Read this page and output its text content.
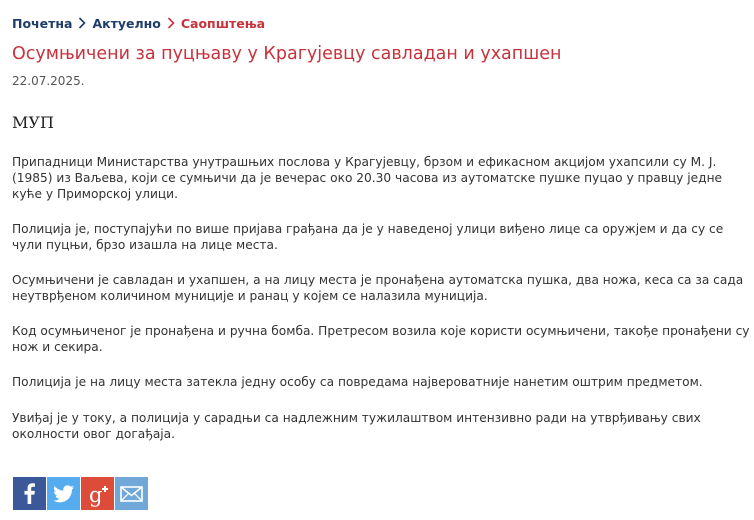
Почетна Актуелно Саопштења
Осумњичени за пуцњаву у Крагујевцу савладан и ухапшен
22.07.2025.
МУП

Припадници Министарства унутрашњих послова у Крагујевцу, брзом и ефикасном акцијом ухапсили су М. Ј. (1985) из Ваљева, који се сумњичи да је вечерас око 20.30 часова из аутоматске пушке пуцао у правцу једне куће у Приморској улици.

Полиција је, поступајући по више пријава грађана да је у наведеној улици виђено лице са оружјем и да су се чули пуцњи, брзо изашла на лице места.

Осумњичени је савладан и ухапшен, а на лицу места је пронађена аутоматска пушка, два ножа, кеса са за сада неутврђеном количином муниције и ранац у којем се налазила муниција.

Код осумњиченог је пронађена и ручна бомба. Претресом возила које користи осумњичени, такође пронађени су нож и секира.

Полиција је на лицу места затекла једну особу са повредама највероватније нанетим оштрим предметом.

Увиђај је у току, а полиција у сарадњи са надлежним тужилаштвом интензивно ради на утврђивању свих околности овог догађаја.

g
